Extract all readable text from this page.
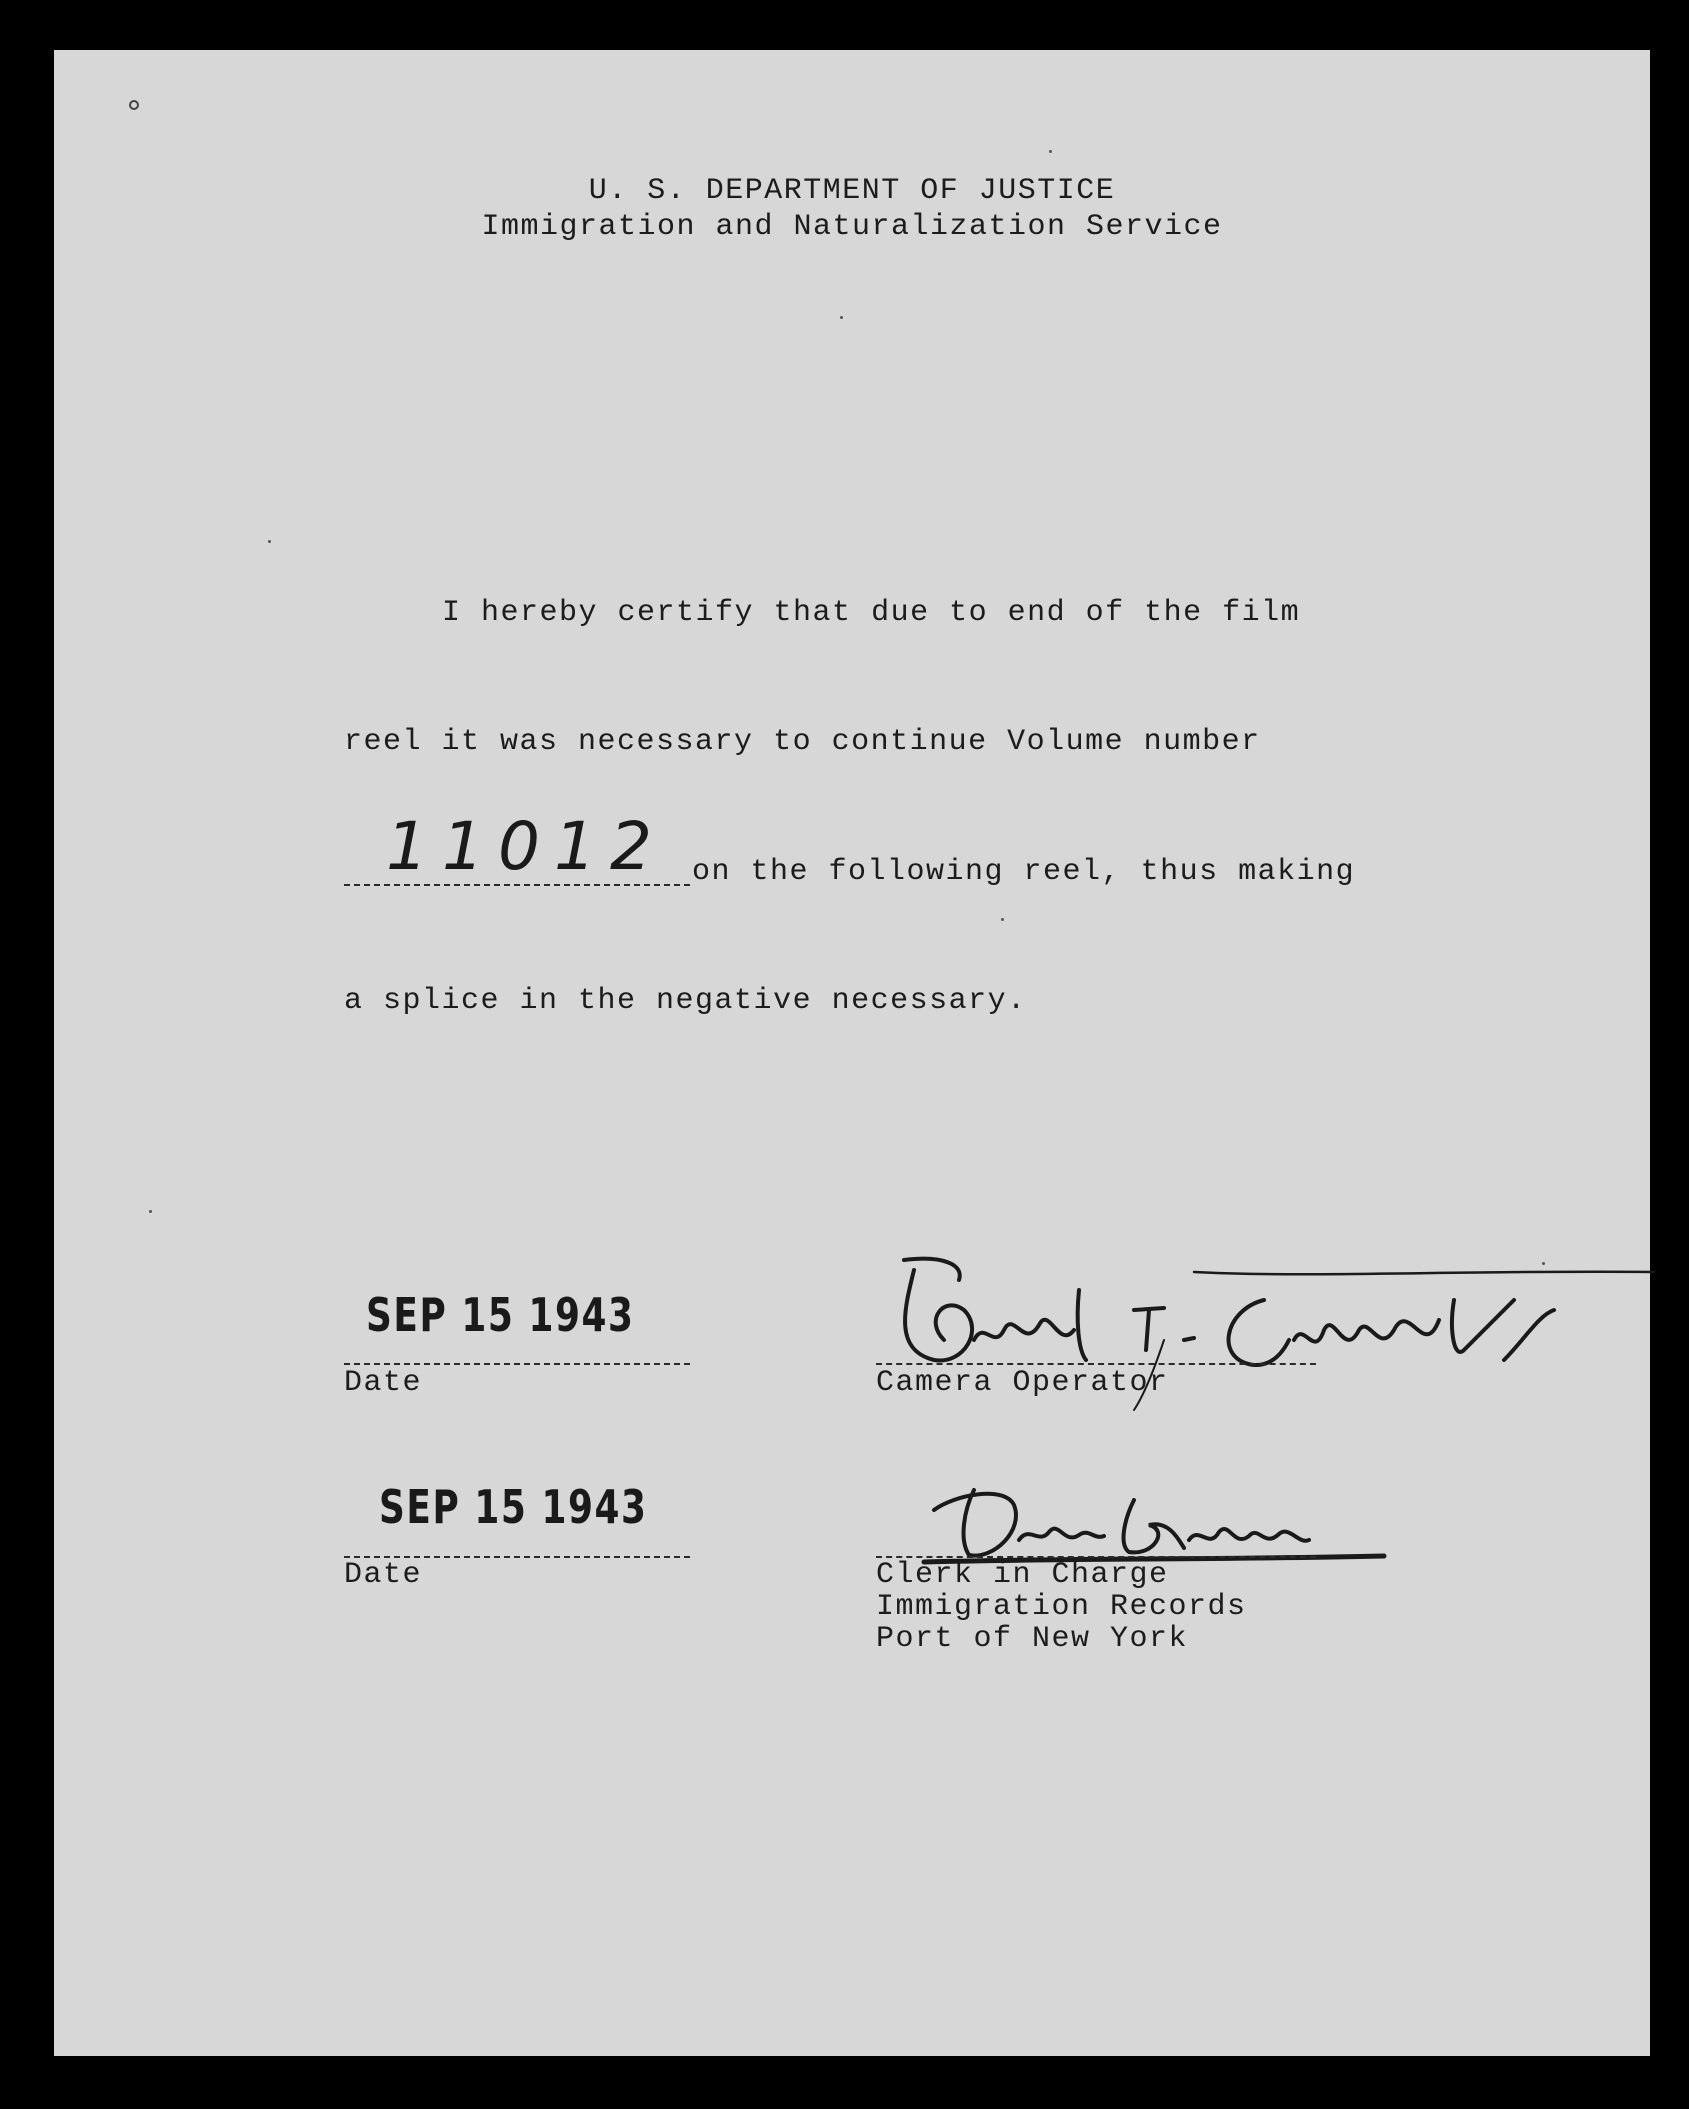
U. S. DEPARTMENT OF JUSTICE
Immigration and Naturalization Service
I hereby certify that due to end of the film
reel it was necessary to continue Volume number
11012 on the following reel, thus making
a splice in the negative necessary.
SEP 15 1943
Date	Camera Operator
SEP 15 1943
Date	Clerk in Charge
Immigration Records
Port of New York
